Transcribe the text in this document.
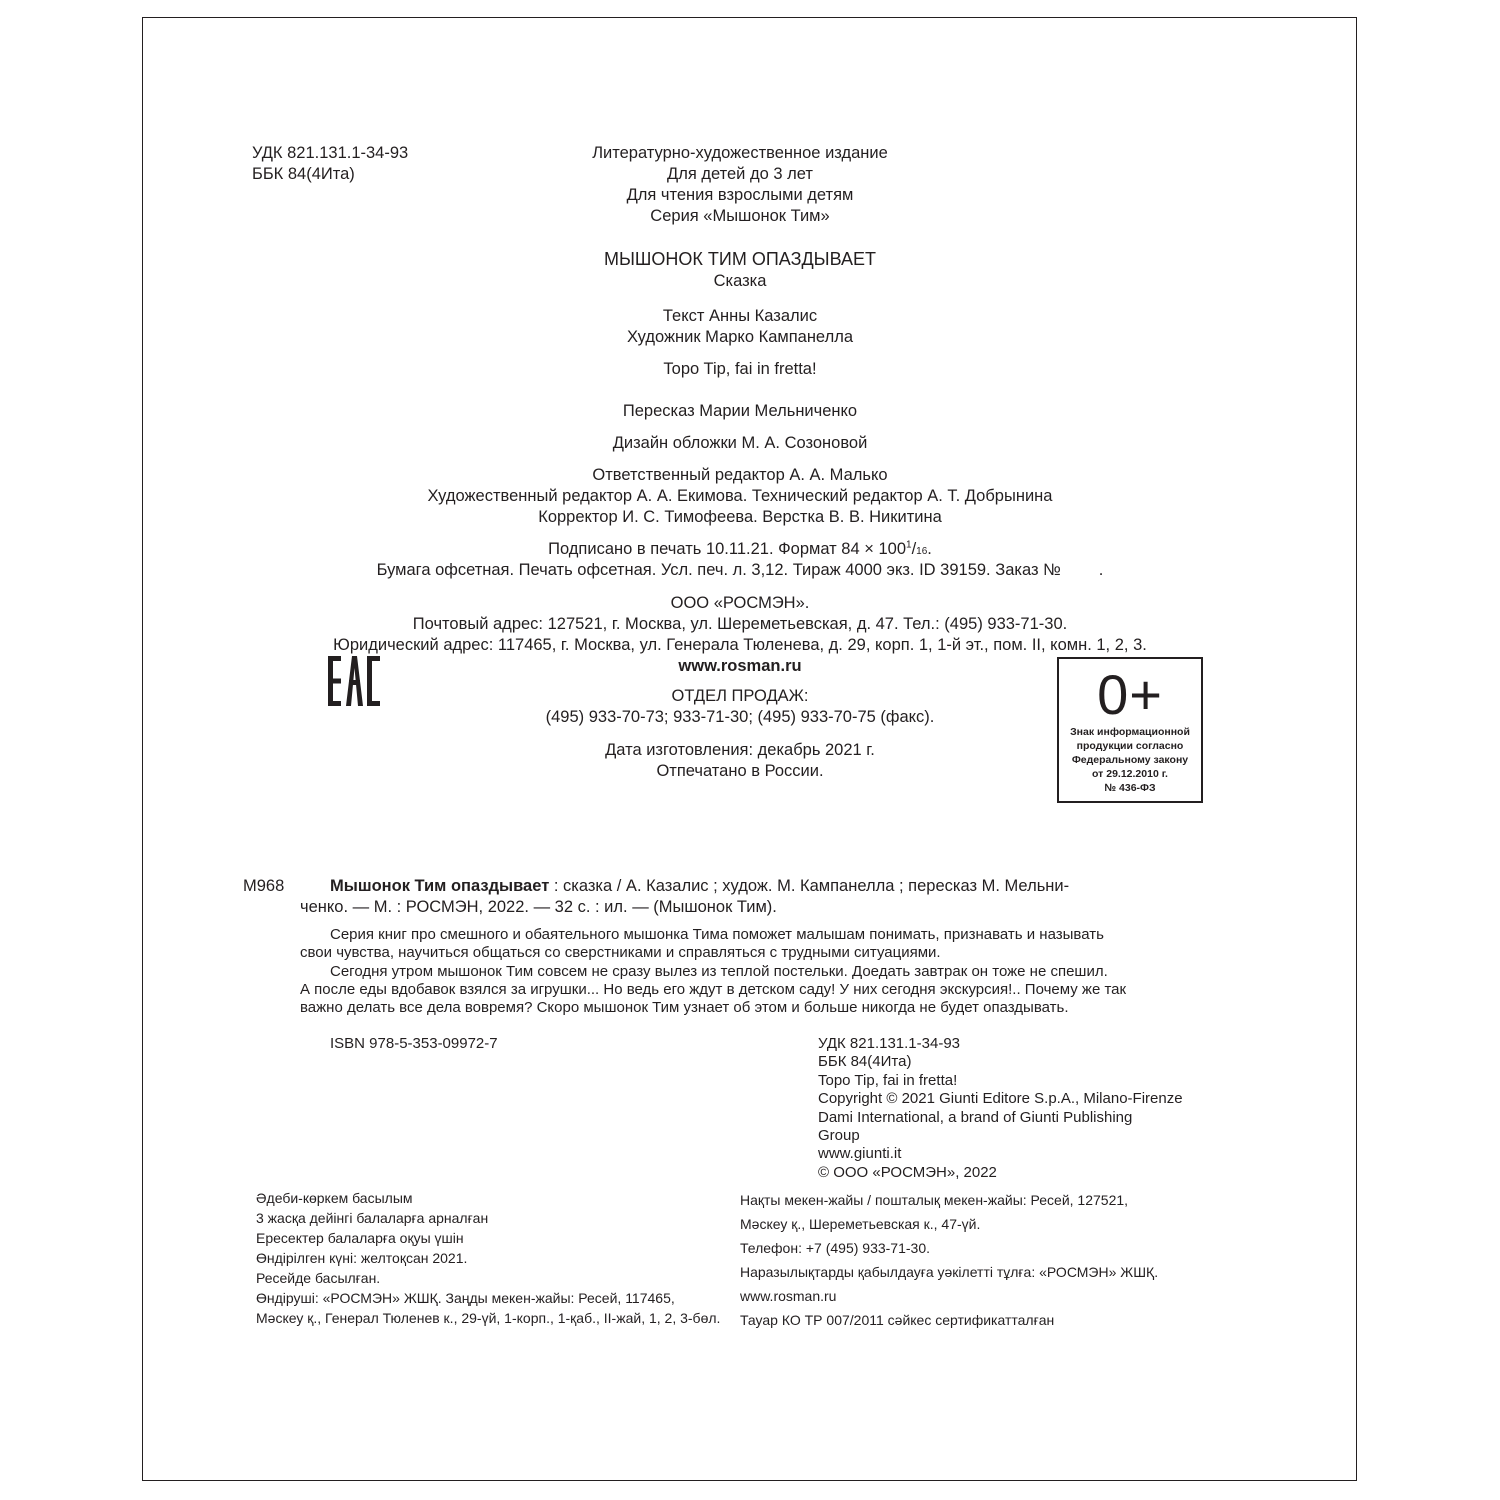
УДК 821.131.1-34-93
ББК 84(4Ита)
Литературно-художественное издание
Для детей до 3 лет
Для чтения взрослыми детям
Серия «Мышонок Тим»
МЫШОНОК ТИМ ОПАЗДЫВАЕТ
Сказка
Текст Анны Казалис
Художник Марко Кампанелла
Topo Tip, fai in fretta!
Пересказ Марии Мельниченко
Дизайн обложки М. А. Созоновой
Ответственный редактор А. А. Малько
Художественный редактор А. А. Екимова. Технический редактор А. Т. Добрынина
Корректор И. С. Тимофеева. Верстка В. В. Никитина
Подписано в печать 10.11.21. Формат $84 \times 100^1/16$.
Бумага офсетная. Печать офсетная. Усл. печ. л. 3,12. Тираж 4000 экз. ID 39159. Заказ № .
ООО «РОСМЭН».
Почтовый адрес: 127521, г. Москва, ул. Шереметьевская, д. 47. Тел.: (495) 933-71-30.
Юридический адрес: 117465, г. Москва, ул. Генерала Тюленева, д. 29, корп. 1, 1-й эт., пом. II, комн. 1, 2, 3.
www.rosman.ru
ОТДЕЛ ПРОДАЖ:
(495) 933-70-73; 933-71-30; (495) 933-70-75 (факс).
Дата изготовления: декабрь 2021 г.
Отпечатано в России.
0+
Знак информационной
продукции согласно
Федеральному закону
от 29.12.2010 г.
№ 436-ФЗ
М968	Мышонок Тим опаздывает : сказка / А. Казалис ; худож. М. Кампанелла ; пересказ М. Мельни-
ченко. — М. : РОСМЭН, 2022. — 32 с. : ил. — (Мышонок Тим).

Серия книг про смешного и обаятельного мышонка Тима поможет малышам понимать, признавать и называть

свои чувства, научиться общаться со сверстниками и справляться с трудными ситуациями.

Сегодня утром мышонок Тим совсем не сразу вылез из теплой постельки. Доедать завтрак он тоже не спешил.

А после еды вдобавок взялся за игрушки... Но ведь его ждут в детском саду! У них сегодня экскурсия!.. Почему же так

важно делать все дела вовремя? Скоро мышонок Тим узнает об этом и больше никогда не будет опаздывать.

ISBN 978-5-353-09972-7	УДК 821.131.1-34-93
ББК 84(4Ита)
Topo Tip, fai in fretta!
Copyright © 2021 Giunti Editore S.p.A., Milano-Firenze
Dami International, a brand of Giunti Publishing
Group
www.giunti.it
© ООО «РОСМЭН», 2022
Әдеби-көркем басылым
3 жасқа дейінгі балаларға арналған
Ересектер балаларға оқуы үшін
Өндірілген күні: желтоқсан 2021.
Ресейде басылған.
Өндіруші: «РОСМЭН» ЖШҚ. Заңды мекен-жайы: Ресей, 117465,
Мәскеу қ., Генерал Тюленев к., 29-үй, 1-корп., 1-қаб., II-жай, 1, 2, 3-бөл.
Нақты мекен-жайы / пошталық мекен-жайы: Ресей, 127521,
Мәскеу қ., Шереметьевская к., 47-үй.
Телефон: +7 (495) 933-71-30.
Наразылықтарды қабылдауға уәкілетті тұлға: «РОСМЭН» ЖШҚ.
www.rosman.ru
Тауар КО ТР 007/2011 сәйкес сертификатталған
